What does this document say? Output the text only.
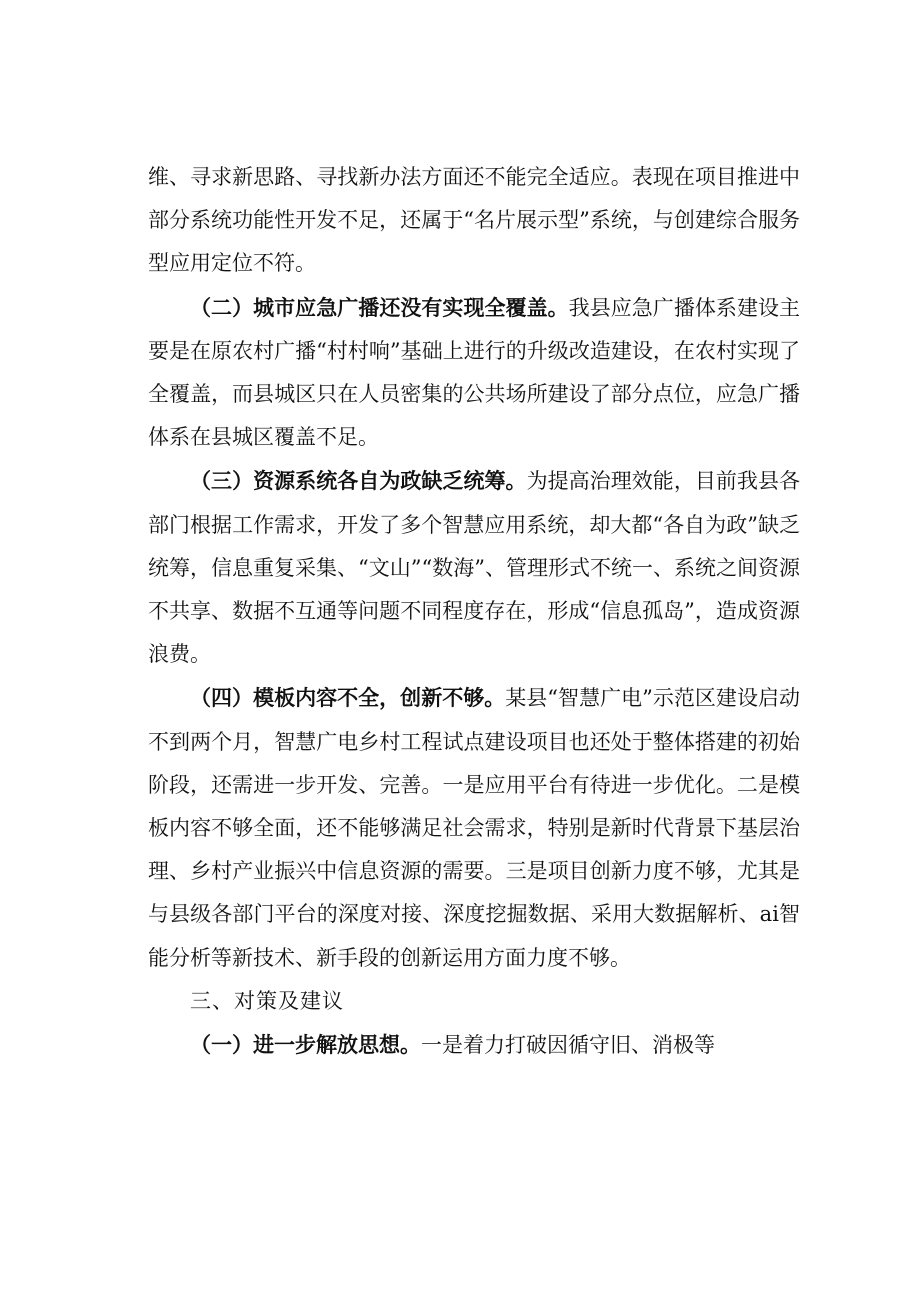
维、寻求新思路、寻找新办法方面还不能完全适应。表现在项目推进中部分系统功能性开发不足，还属于“名片展示型”系统，与创建综合服务型应用定位不符。

（二）城市应急广播还没有实现全覆盖。我县应急广播体系建设主要是在原农村广播“村村响”基础上进行的升级改造建设，在农村实现了全覆盖，而县城区只在人员密集的公共场所建设了部分点位，应急广播体系在县城区覆盖不足。

（三）资源系统各自为政缺乏统筹。为提高治理效能，目前我县各部门根据工作需求，开发了多个智慧应用系统，却大都“各自为政”缺乏统筹，信息重复采集、“文山”“数海”、管理形式不统一、系统之间资源不共享、数据不互通等问题不同程度存在，形成“信息孤岛”，造成资源浪费。

（四）模板内容不全，创新不够。某县“智慧广电”示范区建设启动不到两个月，智慧广电乡村工程试点建设项目也还处于整体搭建的初始阶段，还需进一步开发、完善。一是应用平台有待进一步优化。二是模板内容不够全面，还不能够满足社会需求，特别是新时代背景下基层治理、乡村产业振兴中信息资源的需要。三是项目创新力度不够，尤其是与县级各部门平台的深度对接、深度挖掘数据、采用大数据解析、ai智能分析等新技术、新手段的创新运用方面力度不够。

三、对策及建议

（一）进一步解放思想。一是着力打破因循守旧、消极等
